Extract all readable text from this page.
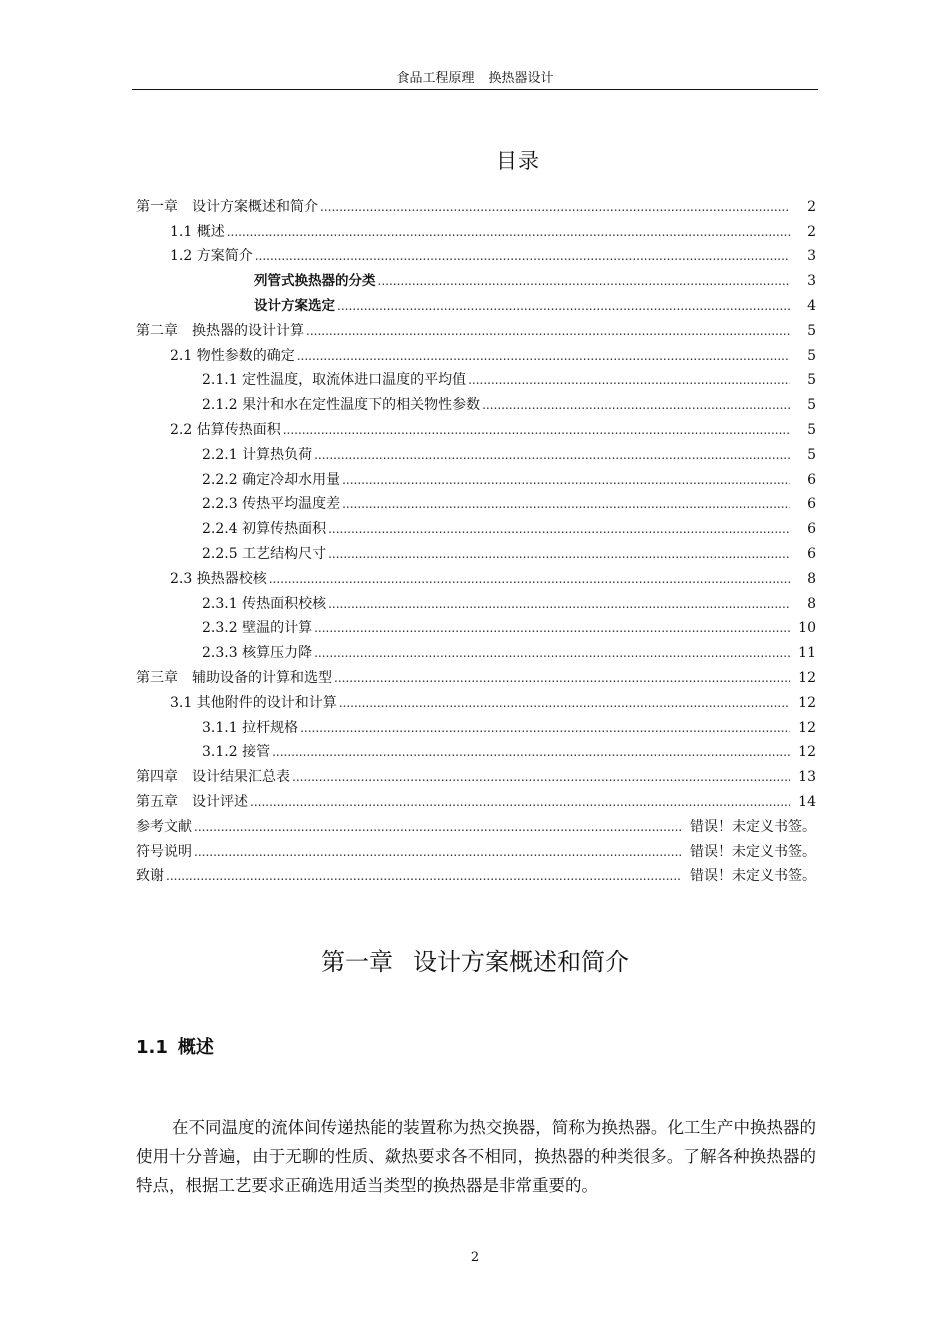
食品工程原理 换热器设计
目录
第一章　设计方案概述和简介 .....	2
1.1 概述 .....	2
1.2 方案简介 .....	3
列管式换热器的分类 .....	3
设计方案选定 .....	4
第二章　换热器的设计计算 .....	5
2.1 物性参数的确定 .....	5
2.1.1 定性温度，取流体进口温度的平均值 .....	5
2.1.2 果汁和水在定性温度下的相关物性参数 .....	5
2.2 估算传热面积 .....	5
2.2.1 计算热负荷 .....	5
2.2.2 确定冷却水用量 .....	6
2.2.3 传热平均温度差 .....	6
2.2.4 初算传热面积 .....	6
2.2.5 工艺结构尺寸 .....	6
2.3 换热器校核 .....	8
2.3.1 传热面积校核 .....	8
2.3.2 壁温的计算 .....	10
2.3.3 核算压力降 .....	11
第三章　辅助设备的计算和选型 .....	12
3.1 其他附件的设计和计算 .....	12
3.1.1 拉杆规格 .....	12
3.1.2 接管 .....	12
第四章　设计结果汇总表 .....	13
第五章　设计评述 .....	14
参考文献 .....	错误！未定义书签。
符号说明 .....	错误！未定义书签。
致谢 .....	错误！未定义书签。
第一章 设计方案概述和简介
1.1 概述

在不同温度的流体间传递热能的装置称为热交换器，简称为换热器。化工生产中换热器的使用十分普遍，由于无聊的性质、歘热要求各不相同，换热器的种类很多。了解各种换热器的特点，根据工艺要求正确选用适当类型的换热器是非常重要的。

2
